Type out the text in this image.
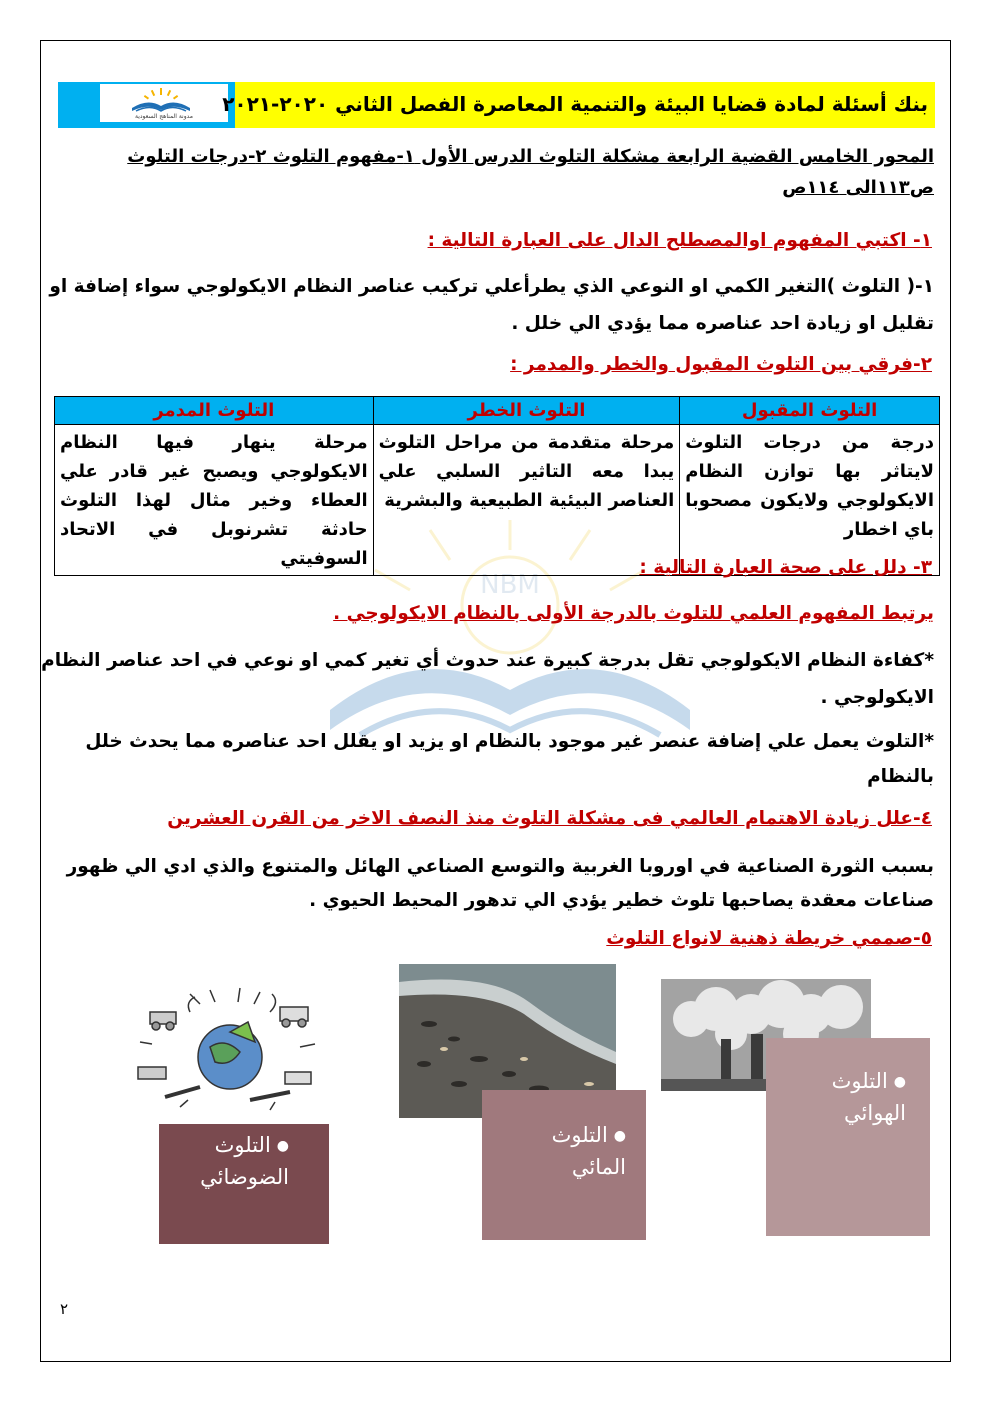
مدونة المناهج السعودية
بنك أسئلة لمادة قضايا البيئة والتنمية المعاصرة الفصل الثاني ٢٠٢٠-٢٠٢١
المحور الخامس القضية الرابعة مشكلة التلوث الدرس الأول ١-مفهوم التلوث ٢-درجات التلوث
ص١١٣الى ١١٤ص
١- اكتبي المفهوم اوالمصطلح الدال على العبارة التالية :
١-( التلوث )التغير الكمي او النوعي الذي يطرأعلي تركيب عناصر النظام الايكولوجي سواء إضافة او
تقليل او زيادة احد عناصره مما يؤدي الي خلل .
٢-فرقي بين التلوث المقبول والخطر والمدمر :
NBM
التلوث المقبول	التلوث الخطر	التلوث المدمر
درجة من درجات التلوث لايتاثر بها توازن النظام الايكولوجي ولايكون مصحوبا باي اخطار	مرحلة متقدمة من مراحل التلوث يبدا معه التاثير السلبي علي العناصر البيئية الطبيعية والبشرية	مرحلة ينهار فيها النظام الايكولوجي ويصبح غير قادر علي العطاء وخير مثال لهذا التلوث حادثة تشرنوبل في الاتحاد السوفيتي	٣- دلل على صحة العبارة التالية :
يرتبط المفهوم العلمي للتلوث بالدرجة الأولى بالنظام الايكولوجي .
*كفاءة النظام الايكولوجي تقل بدرجة كبيرة عند حدوث أي تغير كمي او نوعي في احد عناصر النظام
الايكولوجي .
*التلوث يعمل علي إضافة عنصر غير موجود بالنظام او يزيد او يقلل احد عناصره مما يحدث خلل
بالنظام
٤-علل زيادة الاهتمام العالمي فى مشكلة التلوث منذ النصف الاخر من القرن العشرين
بسبب الثورة الصناعية في اوروبا الغربية والتوسع الصناعي الهائل والمتنوع والذي ادي الي ظهور
صناعات معقدة يصاحبها تلوث خطير يؤدي الي تدهور المحيط الحيوي .
٥-صممي خريطة ذهنية لانواع التلوث
●التلوث
الهوائي
●التلوث
المائي
●التلوث
الضوضائي
٢
